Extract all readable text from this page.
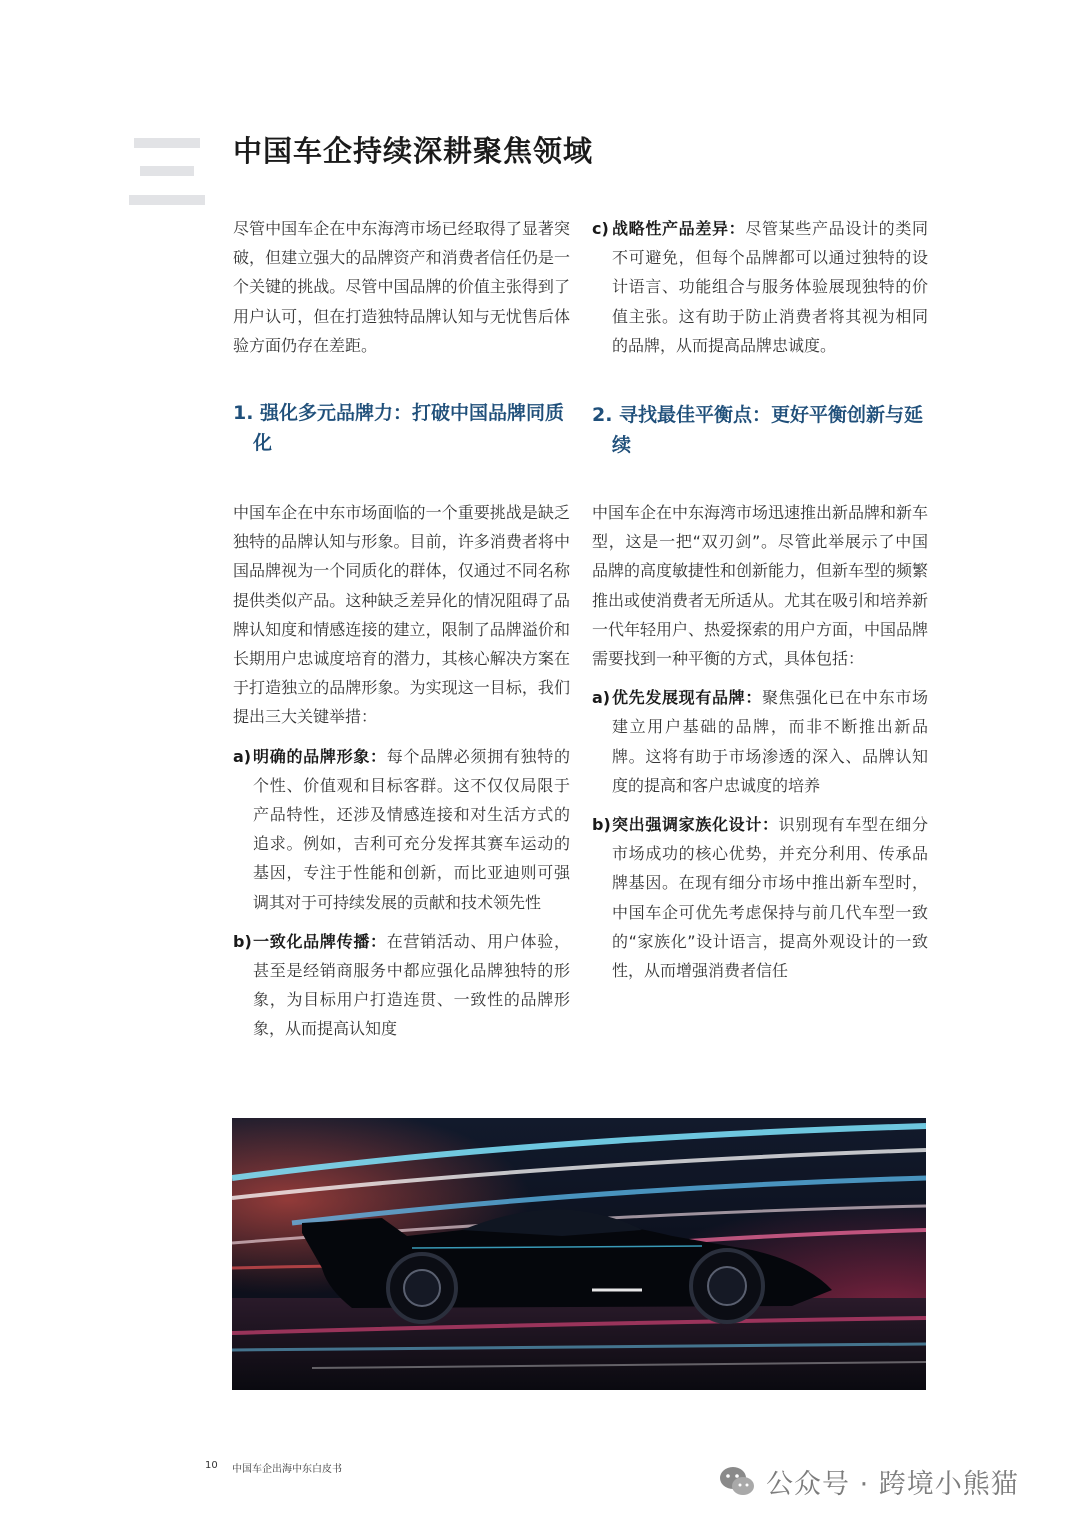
中国车企持续深耕聚焦领域

尽管中国车企在中东海湾市场已经取得了显著突破，但建立强大的品牌资产和消费者信任仍是一个关键的挑战。尽管中国品牌的价值主张得到了用户认可，但在打造独特品牌认知与无忧售后体验方面仍存在差距。

1. 强化多元品牌力：打破中国品牌同质化

中国车企在中东市场面临的一个重要挑战是缺乏独特的品牌认知与形象。目前，许多消费者将中国品牌视为一个同质化的群体，仅通过不同名称提供类似产品。这种缺乏差异化的情况阻碍了品牌认知度和情感连接的建立，限制了品牌溢价和长期用户忠诚度培育的潜力，其核心解决方案在于打造独立的品牌形象。为实现这一目标，我们提出三大关键举措：

a) 明确的品牌形象：每个品牌必须拥有独特的个性、价值观和目标客群。这不仅仅局限于产品特性，还涉及情感连接和对生活方式的追求。例如，吉利可充分发挥其赛车运动的基因，专注于性能和创新，而比亚迪则可强调其对于可持续发展的贡献和技术领先性
b) 一致化品牌传播：在营销活动、用户体验，甚至是经销商服务中都应强化品牌独特的形象，为目标用户打造连贯、一致性的品牌形象，从而提高认知度
c) 战略性产品差异：尽管某些产品设计的类同不可避免，但每个品牌都可以通过独特的设计语言、功能组合与服务体验展现独特的价值主张。这有助于防止消费者将其视为相同的品牌，从而提高品牌忠诚度。
2. 寻找最佳平衡点：更好平衡创新与延续

中国车企在中东海湾市场迅速推出新品牌和新车型，这是一把“双刃剑”。尽管此举展示了中国品牌的高度敏捷性和创新能力，但新车型的频繁推出或使消费者无所适从。尤其在吸引和培养新一代年轻用户、热爱探索的用户方面，中国品牌需要找到一种平衡的方式，具体包括：

a) 优先发展现有品牌：聚焦强化已在中东市场建立用户基础的品牌，而非不断推出新品牌。这将有助于市场渗透的深入、品牌认知度的提高和客户忠诚度的培养
b) 突出强调家族化设计：识别现有车型在细分市场成功的核心优势，并充分利用、传承品牌基因。在现有细分市场中推出新车型时，中国车企可优先考虑保持与前几代车型一致的“家族化”设计语言，提高外观设计的一致性，从而增强消费者信任
10 中国车企出海中东白皮书	公众号 · 跨境小熊猫
